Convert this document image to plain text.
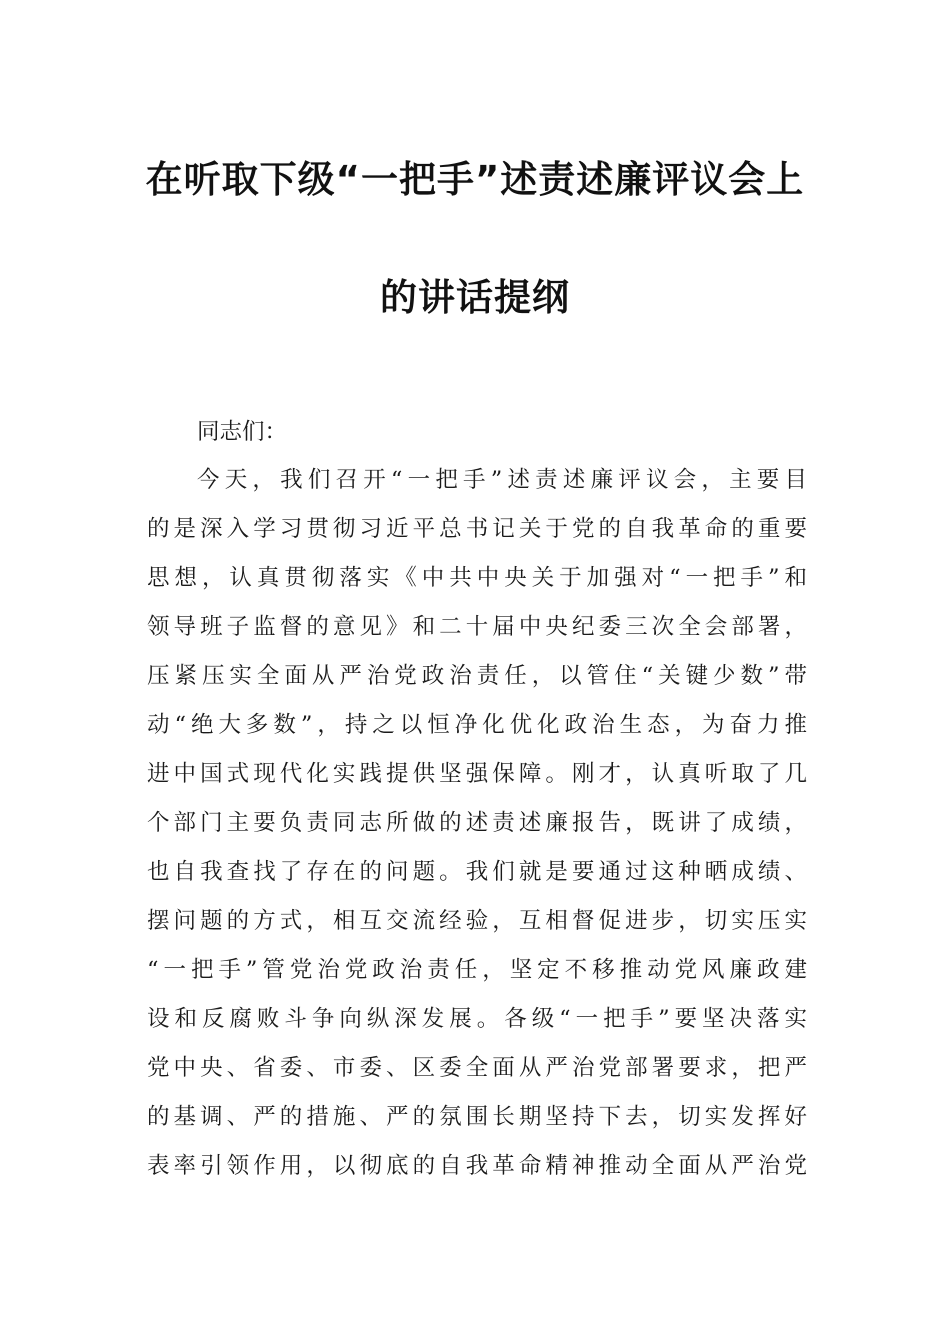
在听取下级“一把手”述责述廉评议会上
的讲话提纲
同志们：
今天，我们召开“一把手”述责述廉评议会，主要目
的是深入学习贯彻习近平总书记关于党的自我革命的重要
思想，认真贯彻落实《中共中央关于加强对“一把手”和
领导班子监督的意见》和二十届中央纪委三次全会部署，
压紧压实全面从严治党政治责任，以管住“关键少数”带
动“绝大多数”，持之以恒净化优化政治生态，为奋力推
进中国式现代化实践提供坚强保障。刚才，认真听取了几
个部门主要负责同志所做的述责述廉报告，既讲了成绩，
也自我查找了存在的问题。我们就是要通过这种晒成绩、
摆问题的方式，相互交流经验，互相督促进步，切实压实
“一把手”管党治党政治责任，坚定不移推动党风廉政建
设和反腐败斗争向纵深发展。各级“一把手”要坚决落实
党中央、省委、市委、区委全面从严治党部署要求，把严
的基调、严的措施、严的氛围长期坚持下去，切实发挥好
表率引领作用，以彻底的自我革命精神推动全面从严治党
